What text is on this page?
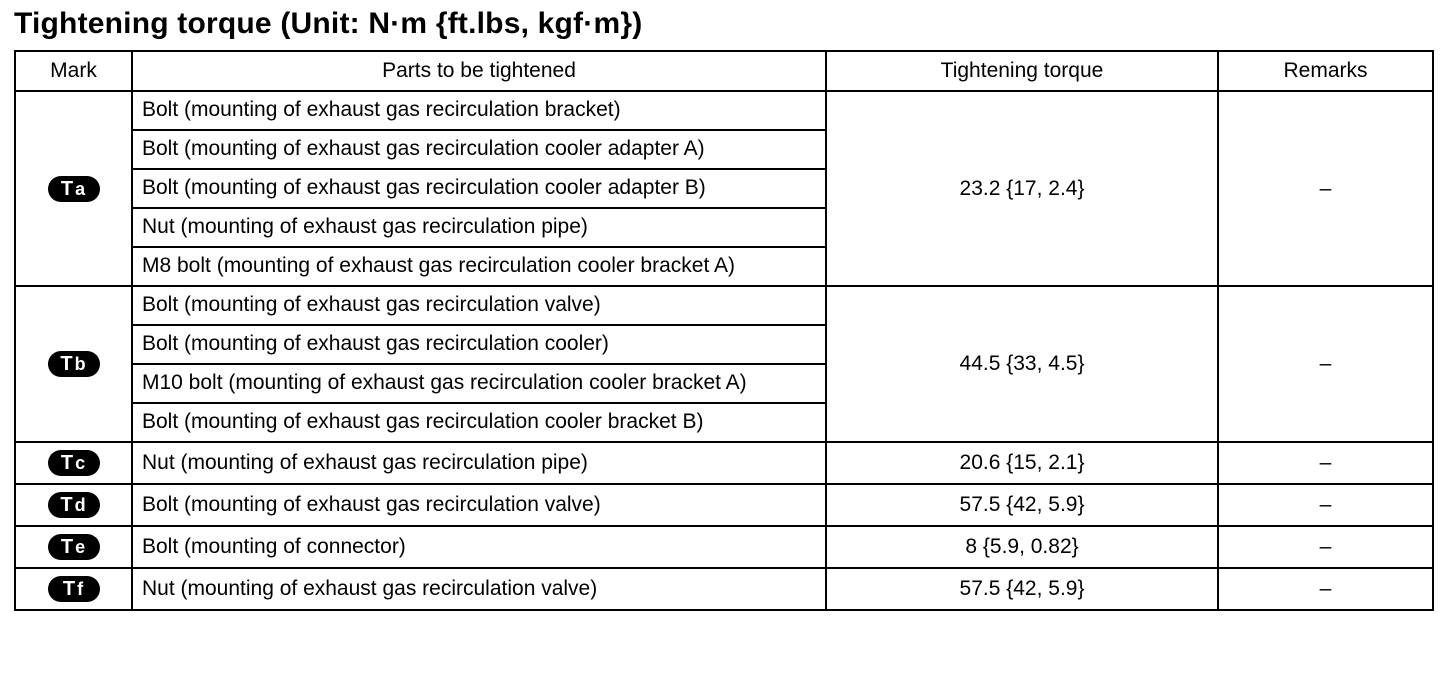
Tightening torque (Unit: N·m {ft.lbs, kgf·m})
Mark	Parts to be tightened	Tightening torque	Remarks

T a	Bolt (mounting of exhaust gas recirculation bracket)	23.2 {17, 2.4}	–
	Bolt (mounting of exhaust gas recirculation cooler adapter A)		
	Bolt (mounting of exhaust gas recirculation cooler adapter B)		
	Nut (mounting of exhaust gas recirculation pipe)		
	M8 bolt (mounting of exhaust gas recirculation cooler bracket A)		

T b	Bolt (mounting of exhaust gas recirculation valve)	44.5 {33, 4.5}	–
	Bolt (mounting of exhaust gas recirculation cooler)		
	M10 bolt (mounting of exhaust gas recirculation cooler bracket A)		
	Bolt (mounting of exhaust gas recirculation cooler bracket B)		

T c	Nut (mounting of exhaust gas recirculation pipe)	20.6 {15, 2.1}	–

T d	Bolt (mounting of exhaust gas recirculation valve)	57.5 {42, 5.9}	–

T e	Bolt (mounting of connector)	8 {5.9, 0.82}	–

T f	Nut (mounting of exhaust gas recirculation valve)	57.5 {42, 5.9}	–
